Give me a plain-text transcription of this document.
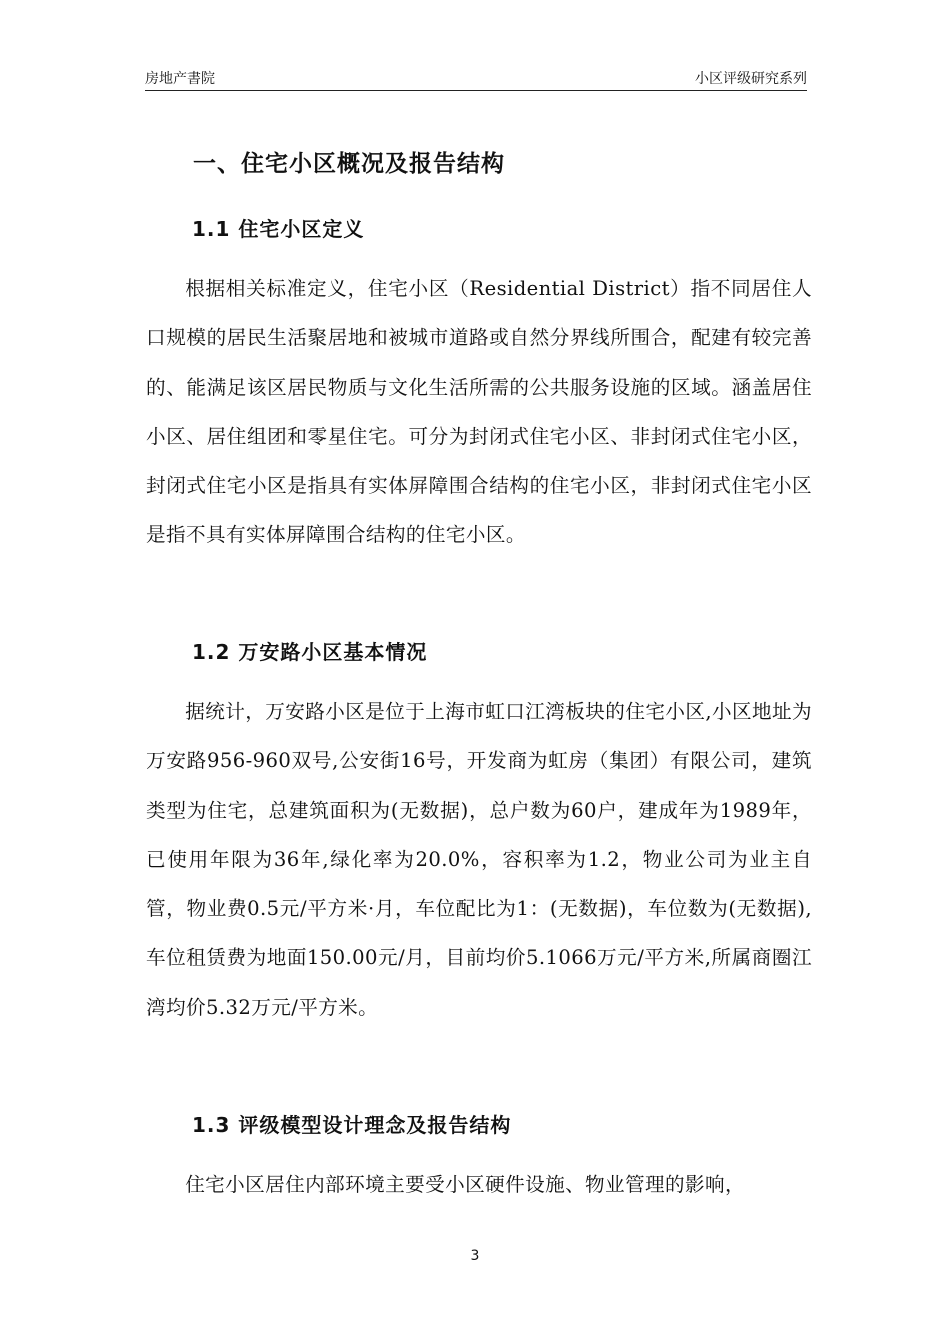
房地产書院	小区评级研究系列
一、住宅小区概况及报告结构
1.1 住宅小区定义

根据相关标准定义，住宅小区（Residential District）指不同居住人口规模的居民生活聚居地和被城市道路或自然分界线所围合，配建有较完善的、能满足该区居民物质与文化生活所需的公共服务设施的区域。涵盖居住小区、居住组团和零星住宅。可分为封闭式住宅小区、非封闭式住宅小区，封闭式住宅小区是指具有实体屏障围合结构的住宅小区，非封闭式住宅小区是指不具有实体屏障围合结构的住宅小区。

1.2 万安路小区基本情况

据统计，万安路小区是位于上海市虹口江湾板块的住宅小区,小区地址为万安路956-960双号,公安街16号，开发商为虹房（集团）有限公司，建筑类型为住宅，总建筑面积为(无数据)，总户数为60户，建成年为1989年，已使用年限为36年,绿化率为20.0%，容积率为1.2，物业公司为业主自管，物业费0.5元/平方米·月，车位配比为1：(无数据)，车位数为(无数据),车位租赁费为地面150.00元/月，目前均价5.1066万元/平方米,所属商圈江湾均价5.32万元/平方米。

1.3 评级模型设计理念及报告结构

住宅小区居住内部环境主要受小区硬件设施、物业管理的影响，

3
